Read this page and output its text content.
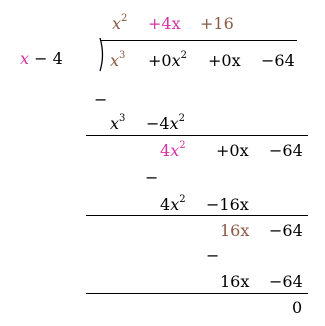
$x^2 +4x +16$
x − 4	$x^3 +0x^2 +0x -64$
−
$x^3 -4x^2$
$4x^2 +0x -64$
−
$4x^2 -16x$
16x −64
−
16x −64
0
